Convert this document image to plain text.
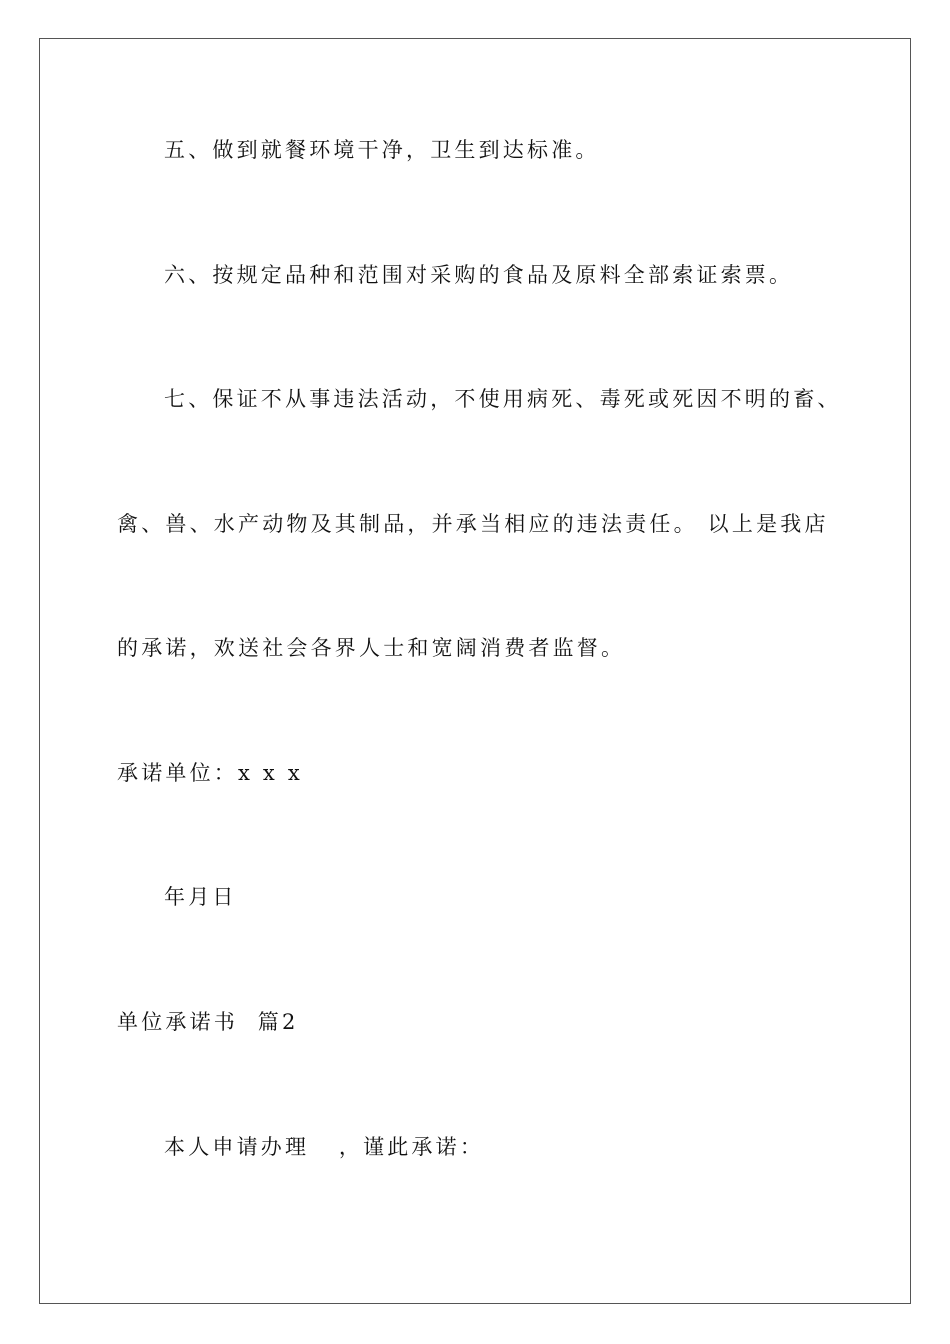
五、做到就餐环境干净，卫生到达标准。
六、按规定品种和范围对采购的食品及原料全部索证索票。
七、保证不从事违法活动，不使用病死、毒死或死因不明的畜、
禽、兽、水产动物及其制品，并承当相应的违法责任。 以上是我店
的承诺，欢送社会各界人士和宽阔消费者监督。
承诺单位：x x x
年月日
单位承诺书  篇2
本人申请办理   ，谨此承诺：
